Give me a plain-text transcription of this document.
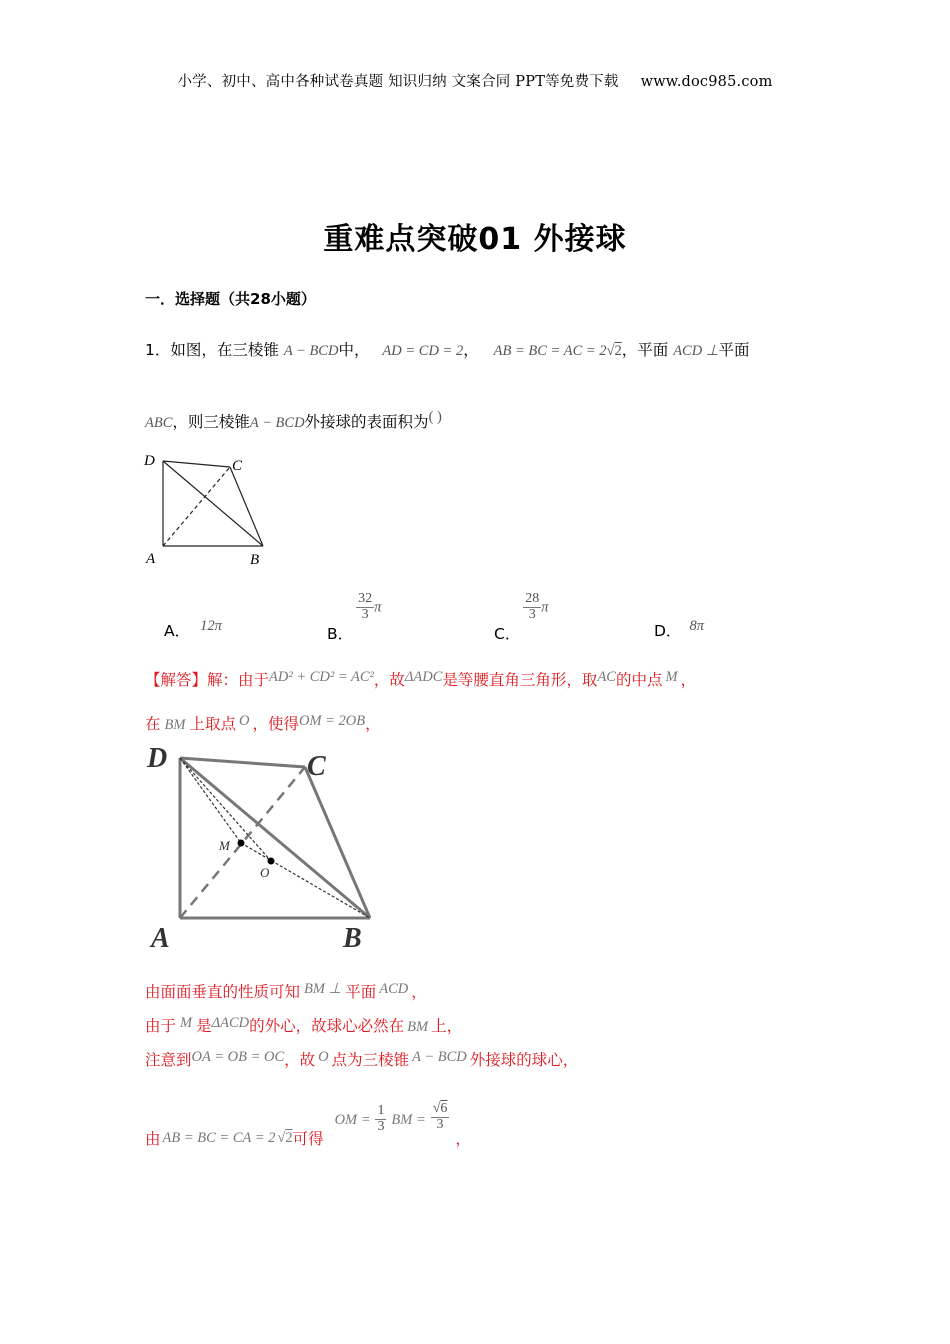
小学、初中、高中各种试卷真题 知识归纳 文案合同 PPT等免费下载 www.doc985.com
重难点突破01 外接球
一．选择题（共28小题）
1．如图，在三棱锥 A − BCD中， AD = CD = 2， AB = BC = AC = 2√2，平面 ACD ⊥平面
ABC，则三棱锥A − BCD外接球的表面积为( )
D	C
A	B
A． 12π	B．
$\frac{32}{3}$ π
C．
$\frac{28}{3}$ π
D． 8π
【解答】解：由于AD² + CD² = AC²，故ΔADC是等腰直角三角形，取AC的中点 M ，
在 BM 上取点 O ，使得OM = 2OB，
D	C
A	B
M
O
由面面垂直的性质可知 BM ⊥ 平面 ACD ，
由于 M 是ΔACD的外心，故球心必然在 BM 上，
注意到OA = OB = OC，故 O 点为三棱锥 A − BCD 外接球的球心，
由 AB = BC = CA = 2 √2可得 OM = $\frac{1}{3}$ BM = $\frac{√6}{3}$
，
